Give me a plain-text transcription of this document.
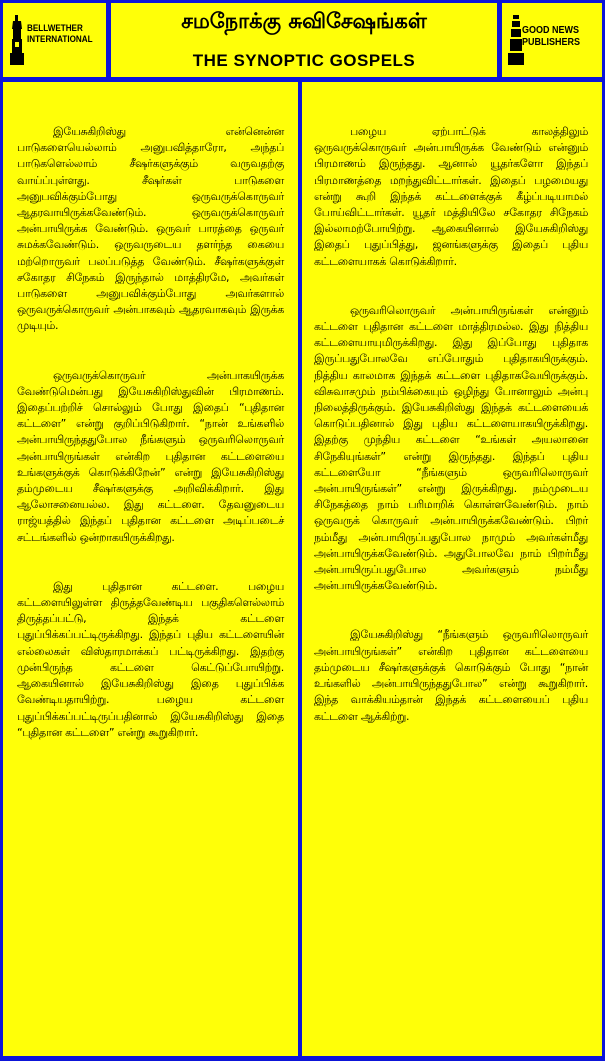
BELLWETHER
INTERNATIONAL
சமநோக்கு சுவிசேஷங்கள்
THE SYNOPTIC GOSPELS
GOOD NEWS
PUBLISHERS

இயேசுகிறிஸ்து என்னென்ன பாடுகளையெல்லாம் அனுபவித்தாரோ, அந்தப் பாடுகளெல்லாம் சீஷர்களுக்கும் வருவதற்கு வாய்ப்புள்ளது. சீஷர்கள் பாடுகளை அனுபவிக்கும்போது ஒருவருக்கொருவர் ஆதரவாயிருக்கவேண்டும். ஒருவருக்கொருவர் அன்பாயிருக்க வேண்டும். ஒருவர் பாரத்தை ஒருவர் சுமக்கவேண்டும். ஒருவருடைய தளர்ந்த கையை மற்றொருவர் பலப்படுத்த வேண்டும். சீஷர்களுக்குள் சகோதர சிநேகம் இருந்தால் மாத்திரமே, அவர்கள் பாடுகளை அனுபவிக்கும்போது அவர்களால் ஒருவருக்கொருவர் அன்பாகவும் ஆதரவாகவும் இருக்க முடியும்.

ஒருவருக்கொருவர் அன்பாகயிருக்க வேண்டுமென்பது இயேசுகிறிஸ்துவின் பிரமாணம். இதைப்பற்றிச் சொல்லும் போது இதைப் “புதிதான கட்டளை” என்று குறிப்பிடுகிறார். “நான் உங்களில் அன்பாயிருந்ததுபோல நீங்களும் ஒருவரிலொருவர் அன்பாயிருங்கள் என்கிற புதிதான கட்டளையை உங்களுக்குக் கொடுக்கிறேன்” என்று இயேசுகிறிஸ்து தம்முடைய சீஷர்களுக்கு அறிவிக்கிறார். இது ஆலோசனையல்ல. இது கட்டளை. தேவனுடைய ராஜ்யத்தில் இந்தப் புதிதான கட்டளை அடிப்படைச் சட்டங்களில் ஒன்றாகயிருக்கிறது.

இது புதிதான கட்டளை. பழைய கட்டளையிலுள்ள திருத்தவேண்டிய பகுதிகளெல்லாம் திருத்தப்பட்டு, இந்தக் கட்டளை புதுப்பிக்கப்பட்டிருக்கிறது. இந்தப் புதிய கட்டளையின் எல்லைகள் விஸ்தாரமாக்கப் பட்டிருக்கிறது. இதற்கு முன்பிருந்த கட்டளை கெட்டுப்போயிற்று. ஆகையினால் இயேசுகிறிஸ்து இதை புதுப்பிக்க வேண்டியதாயிற்று. பழைய கட்டளை புதுப்பிக்கப்பட்டிருப்பதினால் இயேசுகிறிஸ்து இதை “புதிதான கட்டளை” என்று கூறுகிறார்.

பழைய ஏற்பாட்டுக் காலத்திலும் ஒருவருக்கொருவர் அன்பாயிருக்க வேண்டும் என்னும் பிரமாணம் இருந்தது. ஆனால் யூதர்களோ இந்தப் பிரமாணத்தை மறந்துவிட்டார்கள். இதைப் பழமையது என்று கூறி இந்தக் கட்டளைக்குக் கீழ்ப்படியாமல் போய்விட்டார்கள். யூதர் மத்தியிலே சகோதர சிநேகம் இல்லாமற்போயிற்று. ஆகையினால் இயேசுகிறிஸ்து இதைப் புதுப்பித்து, ஜனங்களுக்கு இதைப் புதிய கட்டளையாகக் கொடுக்கிறார்.

ஒருவரிலொருவர் அன்பாயிருங்கள் என்னும் கட்டளை புதிதான கட்டளை மாத்திரமல்ல. இது நித்திய கட்டளையாயுமிருக்கிறது. இது இப்போது புதிதாக இருப்பதுபோலவே எப்போதும் புதிதாகயிருக்கும். நித்திய காலமாக இந்தக் கட்டளை புதிதாகவேயிருக்கும். விசுவாசமும் நம்பிக்கையும் ஒழிந்து போனாலும் அன்பு நிலைத்திருக்கும். இயேசுகிறிஸ்து இந்தக் கட்டளையைக் கொடுப்பதினால் இது புதிய கட்டளையாகயிருக்கிறது. இதற்கு முந்திய கட்டளை “உங்கள் அயலானை சிநேகியுங்கள்” என்று இருந்தது. இந்தப் புதிய கட்டளையோ “நீங்களும் ஒருவரிலொருவர் அன்பாயிருங்கள்” என்று இருக்கிறது. நம்முடைய சிநேகத்தை நாம் பரிமாறிக் கொள்ளவேண்டும். நாம் ஒருவருக் கொருவர் அன்பாயிருக்கவேண்டும். பிறர் நம்மீது அன்பாயிருப்பதுபோல நாமும் அவர்கள்மீது அன்பாயிருக்கவேண்டும். அதுபோலவே நாம் பிறர்மீது அன்பாயிருப்பதுபோல அவர்களும் நம்மீது அன்பாயிருக்கவேண்டும்.

இயேசுகிறிஸ்து “நீங்களும் ஒருவரிலொருவர் அன்பாயிருங்கள்” என்கிற புதிதான கட்டளையை தம்முடைய சீஷர்களுக்குக் கொடுக்கும் போது “நான் உங்களில் அன்பாயிருந்ததுபோல” என்று கூறுகிறார். இந்த வாக்கியம்தான் இந்தக் கட்டளையைப் புதிய கட்டளை ஆக்கிற்று.
